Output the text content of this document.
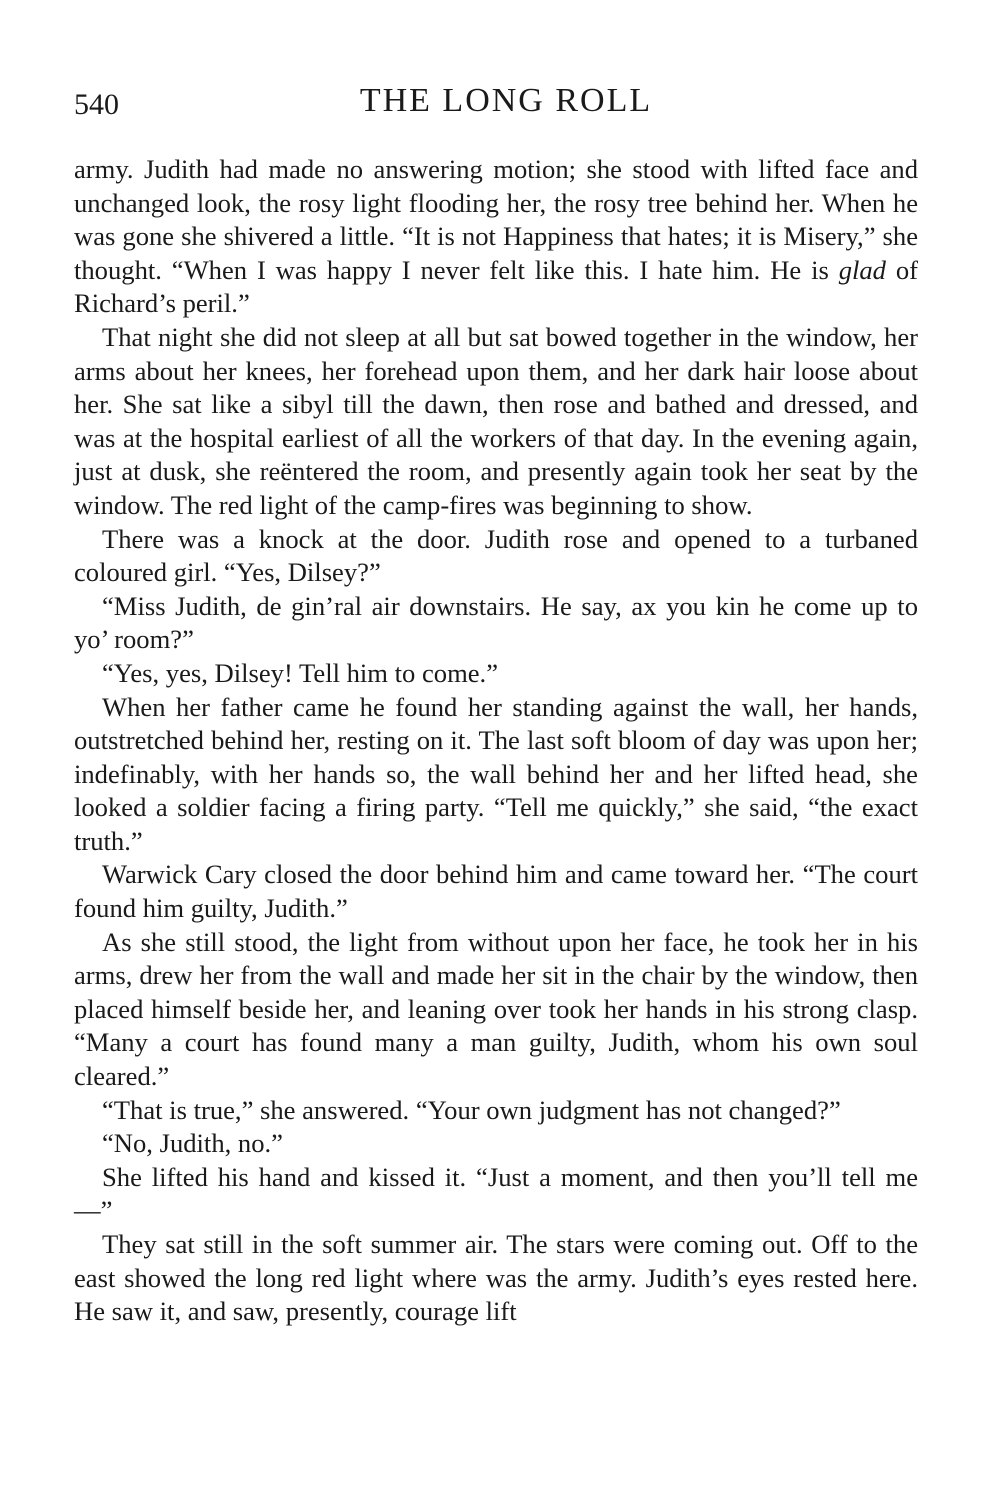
540	THE LONG ROLL

army. Judith had made no answering motion; she stood with lifted face and unchanged look, the rosy light flooding her, the rosy tree behind her. When he was gone she shivered a little. “It is not Happiness that hates; it is Misery,” she thought. “When I was happy I never felt like this. I hate him. He is glad of Richard’s peril.”

That night she did not sleep at all but sat bowed together in the window, her arms about her knees, her forehead upon them, and her dark hair loose about her. She sat like a sibyl till the dawn, then rose and bathed and dressed, and was at the hospital earliest of all the workers of that day. In the evening again, just at dusk, she reëntered the room, and presently again took her seat by the window. The red light of the camp-fires was beginning to show.

There was a knock at the door. Judith rose and opened to a turbaned coloured girl. “Yes, Dilsey?”

“Miss Judith, de gin’ral air downstairs. He say, ax you kin he come up to yo’ room?”

“Yes, yes, Dilsey! Tell him to come.”

When her father came he found her standing against the wall, her hands, outstretched behind her, resting on it. The last soft bloom of day was upon her; indefinably, with her hands so, the wall behind her and her lifted head, she looked a soldier facing a firing party. “Tell me quickly,” she said, “the exact truth.”

Warwick Cary closed the door behind him and came toward her. “The court found him guilty, Judith.”

As she still stood, the light from without upon her face, he took her in his arms, drew her from the wall and made her sit in the chair by the window, then placed himself beside her, and leaning over took her hands in his strong clasp. “Many a court has found many a man guilty, Judith, whom his own soul cleared.”

“That is true,” she answered. “Your own judgment has not changed?”

“No, Judith, no.”

She lifted his hand and kissed it. “Just a moment, and then you’ll tell me —”

They sat still in the soft summer air. The stars were coming out. Off to the east showed the long red light where was the army. Judith’s eyes rested here. He saw it, and saw, presently, courage lift
